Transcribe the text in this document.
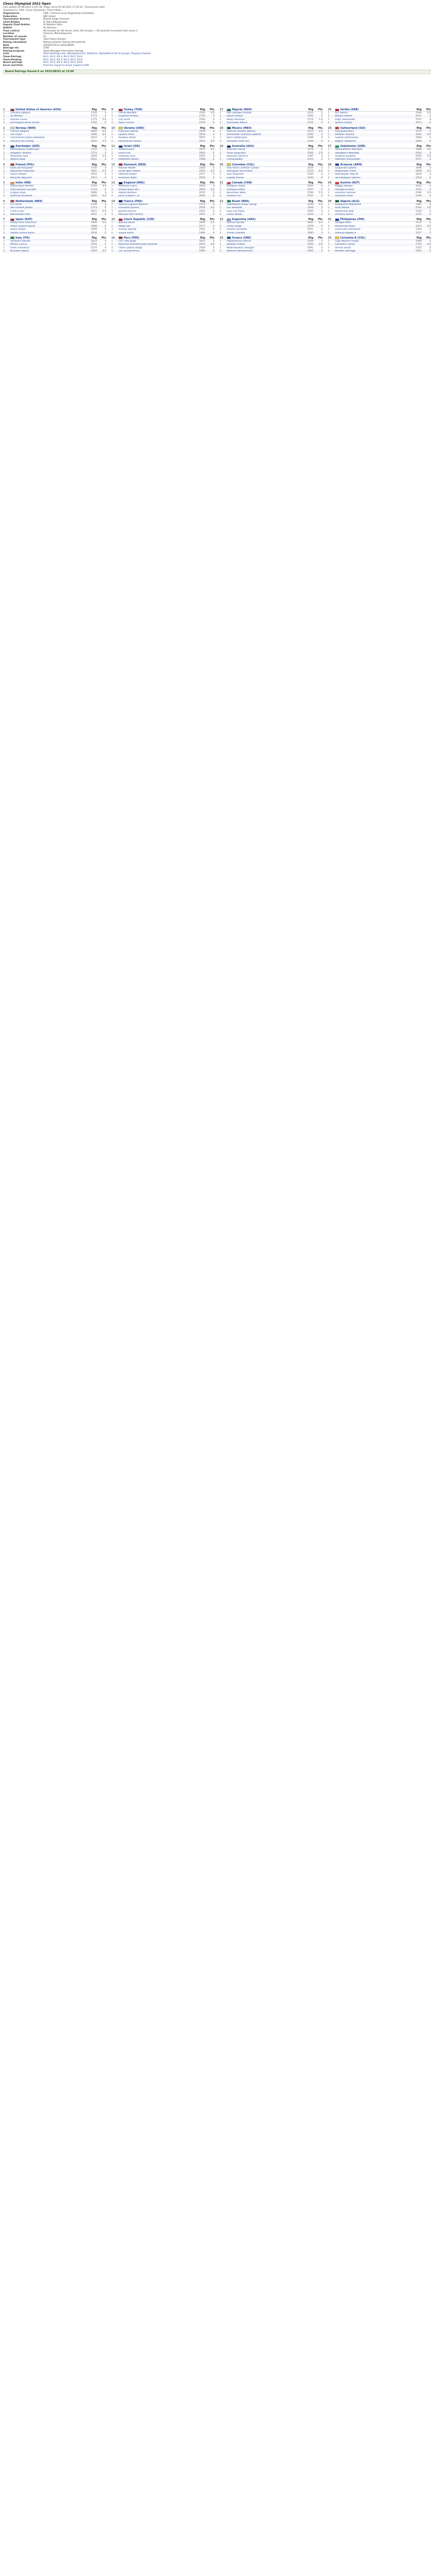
Chess Olympiad 2022 Open
Last update 05.08.2022 13:47:38 / Page cache 05.08.2022 17:29:12 / Tournament data
Organizer(s): FIDE, Chess Olympiad / Chief Arbiter: ...
Organizer(s)	FIDE / Chennai Local Organizing Committee
Federation	IND (India)
Tournament director	Bharat Singh Chauhan
Chief Arbiter	IA Takis Nikolopoulos
Deputy Chief Arbiter	IA Shekhar Sahu
Arbiter	IA (Various)
Time control	90 minutes for 40 moves, then 30 minutes + 30 seconds increment from move 1
Location	Chennai, Mamallapuram
Number of rounds	11
Tournament type	Team-Swiss-System
Rating calculation	Rating national, Rating international
Date	2022/07/29 to 2022/08/09
Average elo	2182
Pairing program	Swiss-Manager from Heinz Herzog
Lists	Team-Starting rank, Alphabetical list, Statistics, Alphabetical list all groups, Playing schedule
Team-Pairings	Rd.1, Rd.2, Rd.3, Rd.4, Rd.5, Rd.6
Team-Ranking	Rd.1, Rd.2, Rd.3, Rd.4, Rd.5, Rd.6
Board pairings	Rd.1, Rd.2, Rd.3, Rd.4, Rd.5, Rd.6
Excel and Print	Print list, Export to Excel, Export to PDF
Board Pairings Round 6 on 2022/08/03 at 15:00
1	United States of America (USA)	Rtg	Pts
1	Caruana Fabiano	2783	3
2	So Wesley	2773	2
3	Aronian Levon	2775	3.5
4	Dominguez Perez Leinier	2745	2
2	Norway (NOR)	Rtg	Pts
1	Carlsen Magnus	2864	3.5
2	Tari Aryan	2646	2.5
3	Christiansen Johan-Sebastian	2633	2
4	Hammer Jon Ludvig	2621	1.5
3	Azerbaijan (AZE)	Rtg	Pts
1	Mamedyarov Shakhriyar	2759	3
2	Radjabov Teimour	2753	2
3	Mamedov Rauf	2649	2.5
4	Abasov Nijat	2632	3
4	Poland (POL)	Rtg	Pts
1	Duda Jan-Krzysztof	2750	3
2	Wojtaszek Radoslaw	2691	2.5
3	Piorun Kacper	2632	2
4	Moranda Wojciech	2612	3
5	India (IND)	Rtg	Pts
1	Harikrishna Pentala	2720	3.5
2	Vidit Santosh Gujrathi	2714	2
3	Erigaisi Arjun	2689	3
4	Sasikiran Krishnan	2640	2.5
6	Netherlands (NED)	Rtg	Pts
1	Giri Anish	2744	3
2	Van Foreest Jorden	2714	2
3	L'Ami Erwin	2623	2.5
4	Warmerdam Max	2637	2
7	Spain (ESP)	Rtg	Pts
1	Vallejo Pons Francisco	2694	2.5
2	Anton Guijarro David	2688	2
3	Shirov Alexei	2699	3
4	Santos Latasa Jaime	2634	2
8	Italy (ITA)	Rtg	Pts
1	Vocaturo Daniele	2623	3
2	Moroni Luca Jr	2594	2
3	Sonis Francesco	2574	3
4	Brunello Sabino	2564	2.5
9	Turkey (TUR)	Rtg	Pts
1	Yilmaz Mustafa	2630	2.5
2	Esipenko Andrey	2720	3
3	Can Emre	2594	2
4	Aydin Gulsen	2576	2
10	Ukraine (UKR)	Rtg	Pts
1	Ivanchuk Vassily	2678	3
2	Eljanov Pavel	2654	2
3	Korobov Anton	2663	3
4	Ponomariov Ruslan	2633	2.5
11	Israel (ISR)	Rtg	Pts
1	Gelfand Boris	2676	2.5
2	Smirin Ilia	2603	2
3	Sutovsky Emil	2595	3
4	Rodshtein Maxim	2598	2
12	Denmark (DEN)	Rtg	Pts
1	Hansen Martin	2580	2
2	Smith Bjorn Moller	2555	2.5
3	Petersen Jesper	2517	2
4	Andersen Mads	2560	3
13	England (ENG)	Rtg	Pts
1	McShane Luke J	2664	3
2	Howell David W L	2658	2.5
3	Adams Michael	2676	2
4	Jones Gawain C B	2640	2
14	France (FRA)	Rtg	Pts
1	Vachier-Lagrave Maxime	2753	3
2	Fressinet Laurent	2628	2.5
3	Bacrot Etienne	2642	2
4	Maurizzi Marc'andria	2551	2
15	Czech Republic (CZE)	Rtg	Pts
1	Navara David	2696	2.5
2	Vojtek Jan	2577	2
3	Hracek Zbynek	2561	2
4	Sulava Kamil	2480	3
16	Peru (PER)	Rtg	Pts
1	Cori Tello Jorge	2643	2
2	Martinez Alcantara Jose Eduardo	2653	2.5
3	Flores Quillas Diego	2566	2
4	Cori Quispe Kevin	2490	2
17	Nigeria (NGR)	Rtg	Pts
1	Adu Oladapo Olutola	2313	2
2	Daniel Anwuli	2191	2
3	Bolaji Odunayo	2179	1.5
4	Izuchukwu Kelvin	2155	2
18	Mexico (MEX)	Rtg	Pts
1	Ramirez Alvarez Alfonso	2515	2.5
2	Hernandez Guerrero Gilberto	2545	2
3	Ruiz Castillo Juan	2468	2
4	Gonzalez Vidal Yuri	2449	3
19	Australia (AUS)	Rtg	Pts
1	Smerdon David	2478	2
2	Zhao Zong-Yuan	2560	2.5
3	Johansen Darryl K	2387	2
4	Cheng Bobby	2415	2
20	Colombia (COL)	Rtg	Pts
1	Rios Parra Cristhian Camilo	2555	2
2	Rodriguez Vila Andres	2533	2.5
3	Rios Alejandro	2420	2
4	Zapata Alonso	2420	2
21	Canada (CAN)	Rtg	Pts
1	Kovalyov Anton	2652	3
2	Sambuev Bator	2527	2
3	Bluvshtein Mark	2594	2.5
4	Hansen Eric	2557	2
22	Brazil (BRA)	Rtg	Pts
1	Mekhitarian Krikor Sevag	2549	2.5
2	Fier Alexandr	2548	2
3	Supi Luis Paulo	2595	3
4	Leitao Rafael	2524	2
23	Argentina (ARG)	Rtg	Pts
1	Mareco Sandro	2602	2.5
2	Flores Diego	2576	2
3	Peralta Fernando	2541	2
4	Tristan Leandro	2483	3
24	Greece (GRE)	Rtg	Pts
1	Papaioannou Ioannis	2569	2
2	Banikas Hristos	2564	2.5
3	Mastrokoukos Georgios	2491	2
4	Markidis Konstantinos	2465	2
25	Serbia (SRB)	Rtg	Pts
1	Ivic Velimir	2594	2.5
2	Markus Robert	2611	2
3	Indjic Aleksandar	2597	3
4	Sarana Alexey	2673	2
26	Switzerland (SUI)	Rtg	Pts
1	Georgiadis Nico	2571	2
2	Pelletier Yannick	2561	2.5
3	Gukesh Dommaraju	2684	2
4	Bogner Sebastian	2584	2
27	Uzbekistan (UZB)	Rtg	Pts
1	Abdusattorov Nodirbek	2688	3.5
2	Yakubboev Nodirbek	2616	3
3	Sindarov Javokhir	2659	2.5
4	Vokhidov Shamsiddin	2557	3
28	Armenia (ARM)	Rtg	Pts
1	Sargissian Gabriel	2698	3
2	Melkumyan Hrant	2648	2.5
3	Martirosyan Haik M.	2624	3
4	Ter-Sahakyan Samvel	2618	2
29	Austria (AUT)	Rtg	Pts
1	Ragger Markus	2642	2
2	Shengelia Davit	2532	2
3	Diermair Andreas	2446	2.5
4	Schreiner Peter	2426	2
30	Algeria (ALG)	Rtg	Pts
1	Haddouche Mohamed	2361	2
2	Arab Adlane	2351	1.5
3	Bellahcene Bilel	2340	2
4	Zermani Kamel	2275	2
31	Philippines (PHI)	Rtg	Pts
1	Paragua Mark	2512	2
2	Bersamina Paulo	2427	2.5
3	Garcia Jan Emmanuel	2354	2
4	Antonio Rogelio Jr	2317	2
32	Colombia B (COL)	Rtg	Pts
1	Lugo Navarro Felipe	2408	2
2	Gonzalez Camilo	2376	2.5
3	Arenas David	2355	2
4	Mendez Santiago	2301	2
